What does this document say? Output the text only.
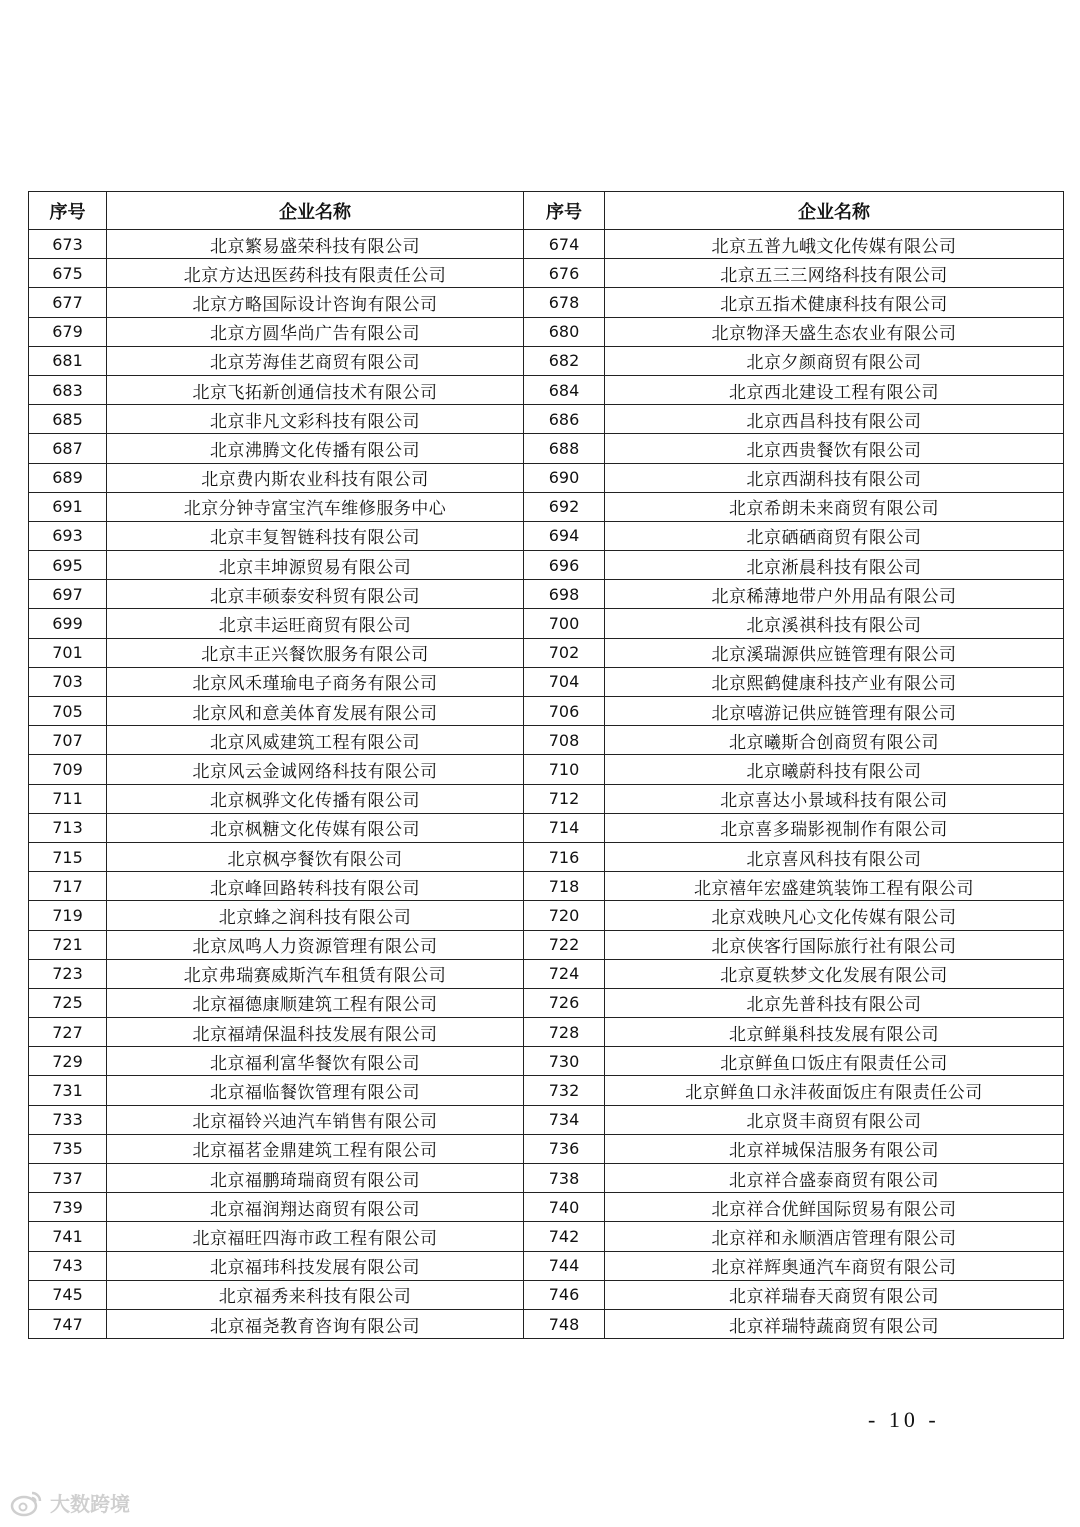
序号	企业名称	序号	企业名称
673	北京繁易盛荣科技有限公司	674	北京五普九峨文化传媒有限公司
675	北京方达迅医药科技有限责任公司	676	北京五三三网络科技有限公司
677	北京方略国际设计咨询有限公司	678	北京五指术健康科技有限公司
679	北京方圆华尚广告有限公司	680	北京物泽天盛生态农业有限公司
681	北京芳海佳艺商贸有限公司	682	北京夕颜商贸有限公司
683	北京飞拓新创通信技术有限公司	684	北京西北建设工程有限公司
685	北京非凡文彩科技有限公司	686	北京西昌科技有限公司
687	北京沸腾文化传播有限公司	688	北京西贵餐饮有限公司
689	北京费内斯农业科技有限公司	690	北京西湖科技有限公司
691	北京分钟寺富宝汽车维修服务中心	692	北京希朗未来商贸有限公司
693	北京丰复智链科技有限公司	694	北京硒硒商贸有限公司
695	北京丰坤源贸易有限公司	696	北京淅晨科技有限公司
697	北京丰硕泰安科贸有限公司	698	北京稀薄地带户外用品有限公司
699	北京丰运旺商贸有限公司	700	北京溪祺科技有限公司
701	北京丰正兴餐饮服务有限公司	702	北京溪瑞源供应链管理有限公司
703	北京风禾瑾瑜电子商务有限公司	704	北京熙鹤健康科技产业有限公司
705	北京风和意美体育发展有限公司	706	北京嘻游记供应链管理有限公司
707	北京风威建筑工程有限公司	708	北京曦斯合创商贸有限公司
709	北京风云金诚网络科技有限公司	710	北京曦蔚科技有限公司
711	北京枫骅文化传播有限公司	712	北京喜达小景域科技有限公司
713	北京枫糖文化传媒有限公司	714	北京喜多瑞影视制作有限公司
715	北京枫亭餐饮有限公司	716	北京喜风科技有限公司
717	北京峰回路转科技有限公司	718	北京禧年宏盛建筑装饰工程有限公司
719	北京蜂之润科技有限公司	720	北京戏映凡心文化传媒有限公司
721	北京凤鸣人力资源管理有限公司	722	北京侠客行国际旅行社有限公司
723	北京弗瑞赛威斯汽车租赁有限公司	724	北京夏轶梦文化发展有限公司
725	北京福德康顺建筑工程有限公司	726	北京先普科技有限公司
727	北京福靖保温科技发展有限公司	728	北京鲜巢科技发展有限公司
729	北京福利富华餐饮有限公司	730	北京鲜鱼口饭庄有限责任公司
731	北京福临餐饮管理有限公司	732	北京鲜鱼口永沣莜面饭庄有限责任公司
733	北京福铃兴迪汽车销售有限公司	734	北京贤丰商贸有限公司
735	北京福茗金鼎建筑工程有限公司	736	北京祥城保洁服务有限公司
737	北京福鹏琦瑞商贸有限公司	738	北京祥合盛泰商贸有限公司
739	北京福润翔达商贸有限公司	740	北京祥合优鲜国际贸易有限公司
741	北京福旺四海市政工程有限公司	742	北京祥和永顺酒店管理有限公司
743	北京福玮科技发展有限公司	744	北京祥辉奥通汽车商贸有限公司
745	北京福秀来科技有限公司	746	北京祥瑞春天商贸有限公司
747	北京福尧教育咨询有限公司	748	北京祥瑞特蔬商贸有限公司
- 10 -
大数跨境
